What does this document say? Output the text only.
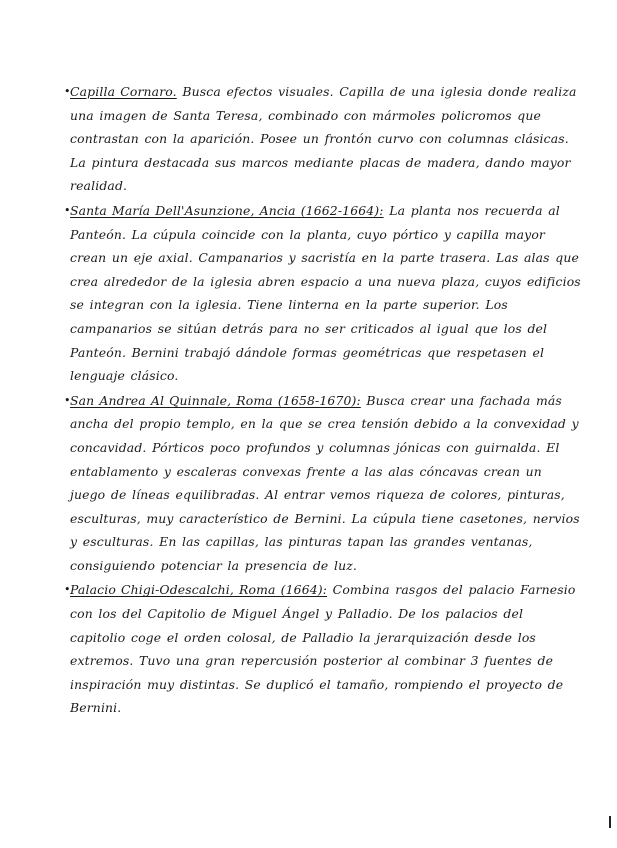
• Capilla Cornaro. Busca efectos visuales. Capilla de una iglesia donde realiza una imagen de Santa Teresa, combinado con mármoles policromos que contrastan con la aparición. Posee un frontón curvo con columnas clásicas. La pintura destacada sus marcos mediante placas de madera, dando mayor realidad.
• Santa María Dell'Asunzione, Ancia (1662-1664): La planta nos recuerda al Panteón. La cúpula coincide con la planta, cuyo pórtico y capilla mayor crean un eje axial. Campanarios y sacristía en la parte trasera. Las alas que crea alrededor de la iglesia abren espacio a una nueva plaza, cuyos edificios se integran con la iglesia. Tiene linterna en la parte superior. Los campanarios se sitúan detrás para no ser criticados al igual que los del Panteón. Bernini trabajó dándole formas geométricas que respetasen el lenguaje clásico.
• San Andrea Al Quinnale, Roma (1658-1670): Busca crear una fachada más ancha del propio templo, en la que se crea tensión debido a la convexidad y concavidad. Pórticos poco profundos y columnas jónicas con guirnalda. El entablamento y escaleras convexas frente a las alas cóncavas crean un juego de líneas equilibradas. Al entrar vemos riqueza de colores, pinturas, esculturas, muy característico de Bernini. La cúpula tiene casetones, nervios y esculturas. En las capillas, las pinturas tapan las grandes ventanas, consiguiendo potenciar la presencia de luz.
• Palacio Chigi-Odescalchi, Roma (1664): Combina rasgos del palacio Farnesio con los del Capitolio de Miguel Ángel y Palladio. De los palacios del capitolio coge el orden colosal, de Palladio la jerarquización desde los extremos. Tuvo una gran repercusión posterior al combinar 3 fuentes de inspiración muy distintas. Se duplicó el tamaño, rompiendo el proyecto de Bernini.
